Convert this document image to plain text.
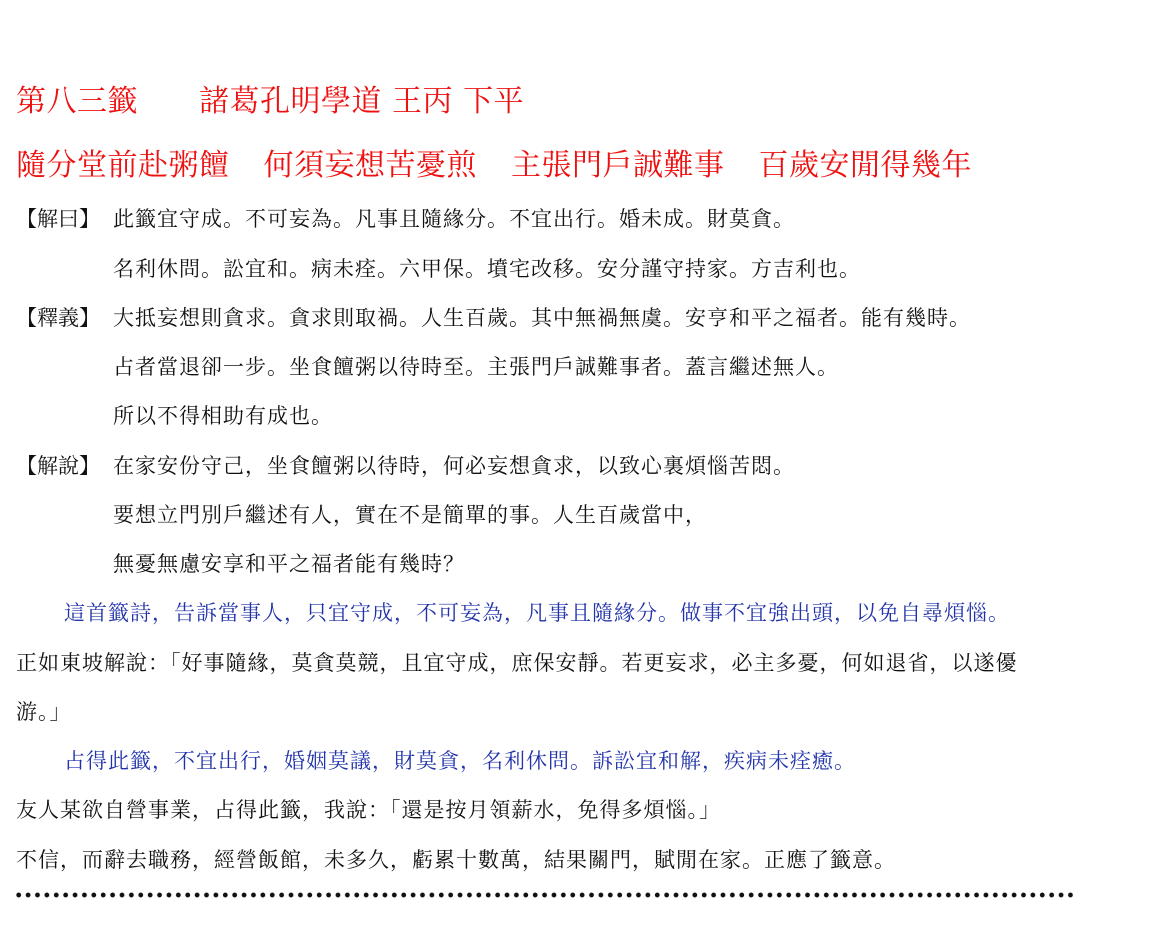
第八三籤　　諸葛孔明學道 王丙 下平
隨分堂前赴粥饘 何須妄想苦憂煎 主張門戶誠難事 百歲安閒得幾年
【解曰】 此籤宜守成。不可妄為。凡事且隨緣分。不宜出行。婚未成。財莫貪。
名利休問。訟宜和。病未痊。六甲保。墳宅改移。安分謹守持家。方吉利也。
【釋義】 大抵妄想則貪求。貪求則取禍。人生百歲。其中無禍無虞。安亨和平之福者。能有幾時。
占者當退卻一步。坐食饘粥以待時至。主張門戶誠難事者。蓋言繼述無人。
所以不得相助有成也。
【解說】 在家安份守己，坐食饘粥以待時，何必妄想貪求，以致心裏煩惱苦悶。
要想立門別戶繼述有人，實在不是簡單的事。人生百歲當中，
無憂無慮安享和平之福者能有幾時？
這首籤詩，告訴當事人，只宜守成，不可妄為，凡事且隨緣分。做事不宜強出頭，以免自尋煩惱。
正如東坡解說：「好事隨緣，莫貪莫競，且宜守成，庶保安靜。若更妄求，必主多憂，何如退省，以遂優
游。」
占得此籤，不宜出行，婚姻莫議，財莫貪，名利休問。訴訟宜和解，疾病未痊癒。
友人某欲自營事業，占得此籤，我說：「還是按月領薪水，免得多煩惱。」
不信，而辭去職務，經營飯館，未多久，虧累十數萬，結果關門，賦閒在家。正應了籤意。
